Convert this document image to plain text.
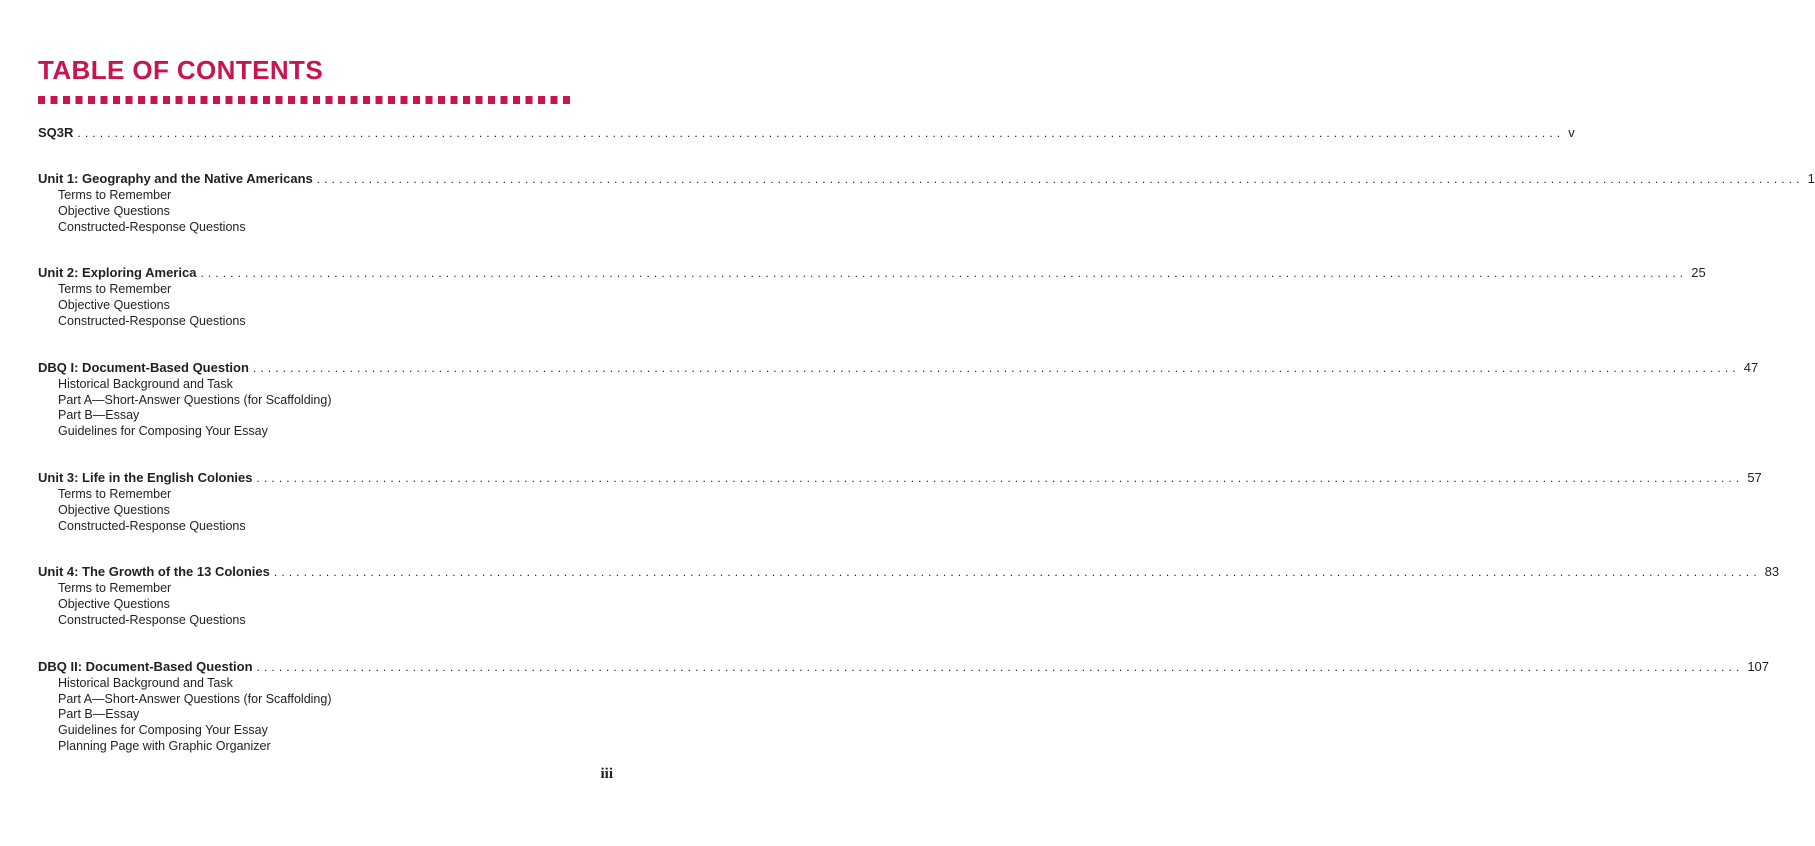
TABLE OF CONTENTS
SQ3R ........................................................................................................................................................................................................ v
Unit 1: Geography and the Native Americans ........................................................................................................................................................................................................ 1
Terms to Remember
Objective Questions
Constructed-Response Questions
Unit 2: Exploring America ........................................................................................................................................................................................................ 25
Terms to Remember
Objective Questions
Constructed-Response Questions
DBQ I: Document-Based Question ........................................................................................................................................................................................................ 47
Historical Background and Task
Part A—Short-Answer Questions (for Scaffolding)
Part B—Essay
Guidelines for Composing Your Essay
Unit 3: Life in the English Colonies ........................................................................................................................................................................................................ 57
Terms to Remember
Objective Questions
Constructed-Response Questions
Unit 4: The Growth of the 13 Colonies ........................................................................................................................................................................................................ 83
Terms to Remember
Objective Questions
Constructed-Response Questions
DBQ II: Document-Based Question ........................................................................................................................................................................................................ 107
Historical Background and Task
Part A—Short-Answer Questions (for Scaffolding)
Part B—Essay
Guidelines for Composing Your Essay
Planning Page with Graphic Organizer
iii
